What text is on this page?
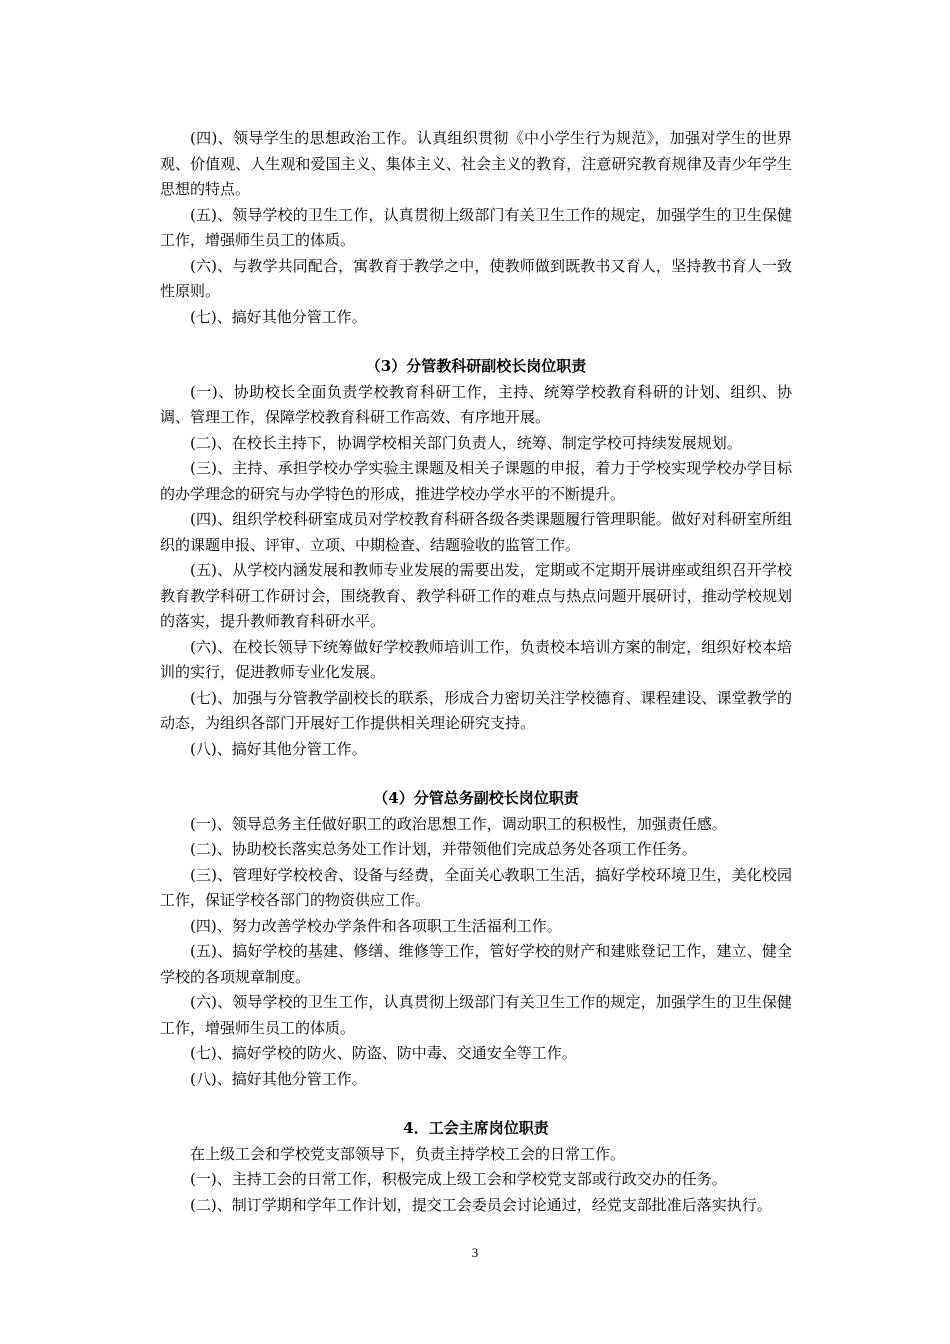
(四)、领导学生的思想政治工作。认真组织贯彻《中小学生行为规范》，加强对学生的世界观、价值观、人生观和爱国主义、集体主义、社会主义的教育，注意研究教育规律及青少年学生思想的特点。

(五)、领导学校的卫生工作，认真贯彻上级部门有关卫生工作的规定，加强学生的卫生保健工作，增强师生员工的体质。

(六)、与教学共同配合，寓教育于教学之中，使教师做到既教书又育人，坚持教书育人一致性原则。

(七)、搞好其他分管工作。

（3）分管教科研副校长岗位职责

(一)、协助校长全面负责学校教育科研工作，主持、统筹学校教育科研的计划、组织、协调、管理工作，保障学校教育科研工作高效、有序地开展。

(二)、在校长主持下，协调学校相关部门负责人，统筹、制定学校可持续发展规划。

(三)、主持、承担学校办学实验主课题及相关子课题的申报，着力于学校实现学校办学目标的办学理念的研究与办学特色的形成，推进学校办学水平的不断提升。

(四)、组织学校科研室成员对学校教育科研各级各类课题履行管理职能。做好对科研室所组织的课题申报、评审、立项、中期检查、结题验收的监管工作。

(五)、从学校内涵发展和教师专业发展的需要出发，定期或不定期开展讲座或组织召开学校教育教学科研工作研讨会，围绕教育、教学科研工作的难点与热点问题开展研讨，推动学校规划的落实，提升教师教育科研水平。

(六)、在校长领导下统筹做好学校教师培训工作，负责校本培训方案的制定，组织好校本培训的实行，促进教师专业化发展。

(七)、加强与分管教学副校长的联系，形成合力密切关注学校德育、课程建设、课堂教学的动态，为组织各部门开展好工作提供相关理论研究支持。

(八)、搞好其他分管工作。

（4）分管总务副校长岗位职责

(一)、领导总务主任做好职工的政治思想工作，调动职工的积极性，加强责任感。

(二)、协助校长落实总务处工作计划，并带领他们完成总务处各项工作任务。

(三)、管理好学校校舍、设备与经费，全面关心教职工生活，搞好学校环境卫生，美化校园工作，保证学校各部门的物资供应工作。

(四)、努力改善学校办学条件和各项职工生活福利工作。

(五)、搞好学校的基建、修缮、维修等工作，管好学校的财产和建账登记工作，建立、健全学校的各项规章制度。

(六)、领导学校的卫生工作，认真贯彻上级部门有关卫生工作的规定，加强学生的卫生保健工作，增强师生员工的体质。

(七)、搞好学校的防火、防盗、防中毒、交通安全等工作。

(八)、搞好其他分管工作。

4．工会主席岗位职责

在上级工会和学校党支部领导下，负责主持学校工会的日常工作。

(一)、主持工会的日常工作，积极完成上级工会和学校党支部或行政交办的任务。

(二)、制订学期和学年工作计划，提交工会委员会讨论通过，经党支部批准后落实执行。

3
